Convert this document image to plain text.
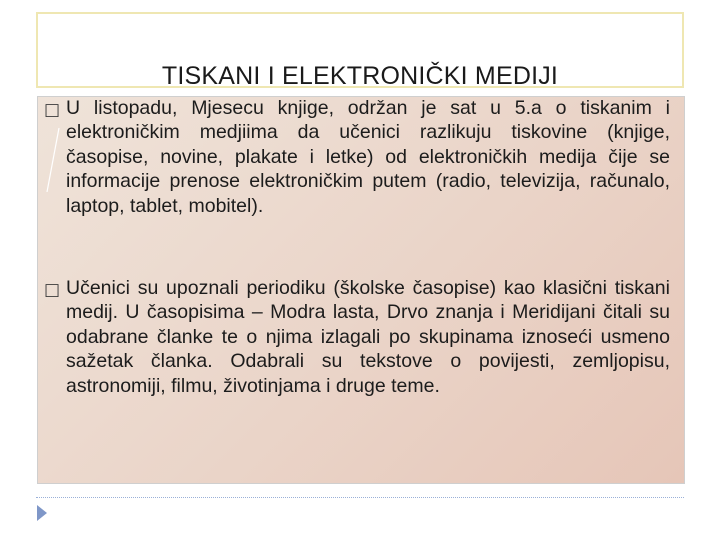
TISKANI I ELEKTRONIČKI MEDIJI
□ U listopadu, Mjesecu knjige, održan je sat u 5.a o tiskanim i elektroničkim medjiima da učenici razlikuju tiskovine (knjige, časopise, novine, plakate i letke) od elektroničkih medija čije se informacije prenose elektroničkim putem (radio, televizija, računalo, laptop, tablet, mobitel).

□ Učenici su upoznali periodiku (školske časopise) kao klasični tiskani medij. U časopisima – Modra lasta, Drvo znanja i Meridijani čitali su odabrane članke te o njima izlagali po skupinama iznoseći usmeno sažetak članka. Odabrali su tekstove o povijesti, zemljopisu, astronomiji, filmu, životinjama i druge teme.
